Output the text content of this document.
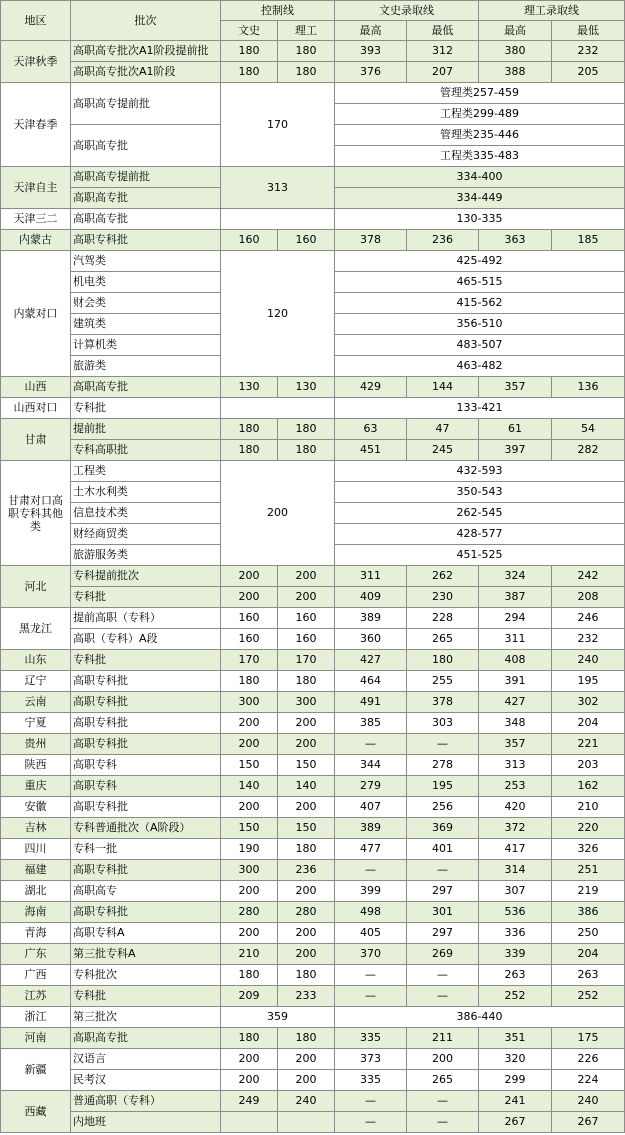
地区	批次	控制线		文史录取线		理工录取线	
		文史	理工	最高	最低	最高	最低
天津秋季	高职高专批次A1阶段提前批	180	180	393	312	380	232
	高职高专批次A1阶段	180	180	376	207	388	205
天津春季	高职高专提前批	170		管理类257-459			
				工程类299-489			
	高职高专批			管理类235-446			
				工程类335-483			
天津自主	高职高专提前批	313		334-400			
	高职高专批			334-449			
天津三二	高职高专批			130-335			
内蒙古	高职专科批	160	160	378	236	363	185
内蒙对口	汽驾类	120		425-492			
	机电类			465-515			
	财会类			415-562			
	建筑类			356-510			
	计算机类			483-507			
	旅游类			463-482			
山西	高职高专批	130	130	429	144	357	136
山西对口	专科批			133-421			
甘肃	提前批	180	180	63	47	61	54
	专科高职批	180	180	451	245	397	282
甘肃对口高职专科其他类	工程类	200		432-593			
	土木水利类			350-543			
	信息技术类			262-545			
	财经商贸类			428-577			
	旅游服务类			451-525			
河北	专科提前批次	200	200	311	262	324	242
	专科批	200	200	409	230	387	208
黑龙江	提前高职（专科）	160	160	389	228	294	246
	高职（专科）A段	160	160	360	265	311	232
山东	专科批	170	170	427	180	408	240
辽宁	高职专科批	180	180	464	255	391	195
云南	高职专科批	300	300	491	378	427	302
宁夏	高职专科批	200	200	385	303	348	204
贵州	高职专科批	200	200	—	—	357	221
陕西	高职专科	150	150	344	278	313	203
重庆	高职专科	140	140	279	195	253	162
安徽	高职专科批	200	200	407	256	420	210
吉林	专科普通批次（A阶段）	150	150	389	369	372	220
四川	专科一批	190	180	477	401	417	326
福建	高职专科批	300	236	—	—	314	251
湖北	高职高专	200	200	399	297	307	219
海南	高职专科批	280	280	498	301	536	386
青海	高职专科A	200	200	405	297	336	250
广东	第三批专科A	210	200	370	269	339	204
广西	专科批次	180	180	—	—	263	263
江苏	专科批	209	233	—	—	252	252
浙江	第三批次	359		386-440			
河南	高职高专批	180	180	335	211	351	175
新疆	汉语言	200	200	373	200	320	226
	民考汉	200	200	335	265	299	224
西藏	普通高职（专科）	249	240	—	—	241	240
	内地班			—	—	267	267
